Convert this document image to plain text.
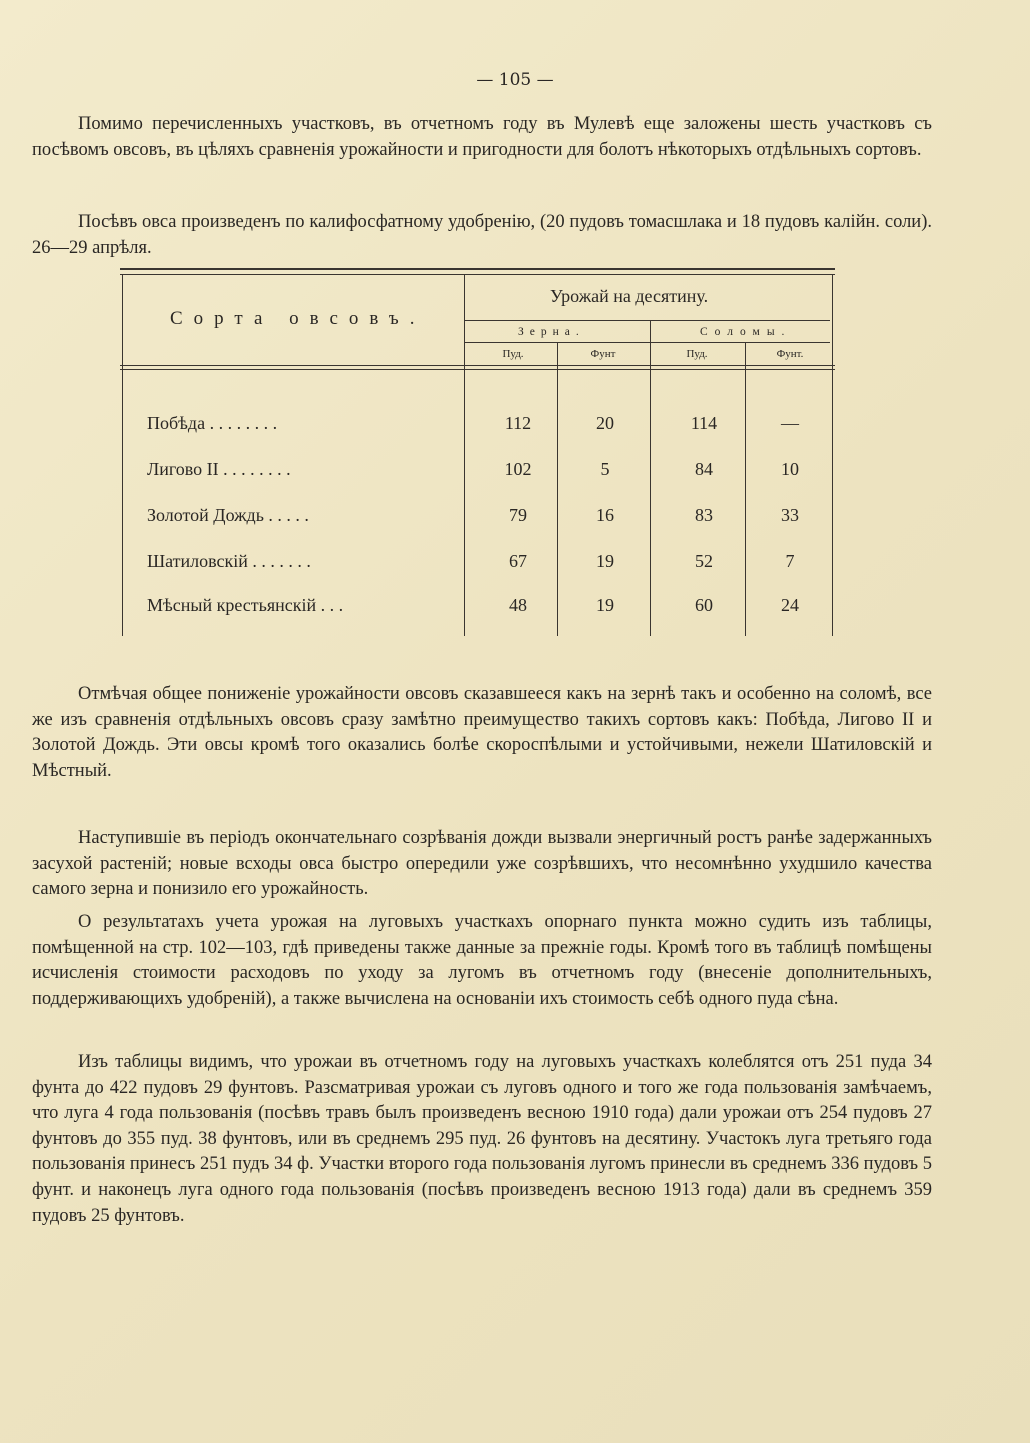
— 105 —
Помимо перечисленныхъ участковъ, въ отчетномъ году въ Мулевѣ еще заложены шесть участковъ съ посѣвомъ овсовъ, въ цѣляхъ сравненія урожайности и пригодности для болотъ нѣкоторыхъ отдѣльныхъ сортовъ.
Посѣвъ овса произведенъ по калифосфатному удобренію, (20 пудовъ томасшлака и 18 пудовъ калійн. соли). 26—29 апрѣля.
Сорта овсовъ.
Урожай на десятину.
Зерна.	Соломы.
Пуд.	Фунт	Пуд.	Фунт.
Побѣда . . . . . . . .	112	20	114	—
Лигово II . . . . . . . .	102	5	84	10
Золотой Дождь . . . . .	79	16	83	33
Шатиловскій . . . . . . .	67	19	52	7
Мѣсный крестьянскій . . .	48	19	60	24
Отмѣчая общее пониженіе урожайности овсовъ сказавшееся какъ на зернѣ такъ и особенно на соломѣ, все же изъ сравненія отдѣльныхъ овсовъ сразу замѣтно преимущество такихъ сортовъ какъ: Побѣда, Лигово II и Золотой Дождь. Эти овсы кромѣ того оказались болѣе скороспѣлыми и устойчивыми, нежели Шатиловскій и Мѣстный.
Наступившіе въ періодъ окончательнаго созрѣванія дожди вызвали энергичный ростъ ранѣе задержанныхъ засухой растеній; новые всходы овса быстро опередили уже созрѣвшихъ, что несомнѣнно ухудшило качества самого зерна и понизило его урожайность.
О результатахъ учета урожая на луговыхъ участкахъ опорнаго пункта можно судить изъ таблицы, помѣщенной на стр. 102—103, гдѣ приведены также данные за прежніе годы. Кромѣ того въ таблицѣ помѣщены исчисленія стоимости расходовъ по уходу за лугомъ въ отчетномъ году (внесеніе дополнительныхъ, поддерживающихъ удобреній), а также вычислена на основаніи ихъ стоимость себѣ одного пуда сѣна.
Изъ таблицы видимъ, что урожаи въ отчетномъ году на луговыхъ участкахъ колеблятся отъ 251 пуда 34 фунта до 422 пудовъ 29 фунтовъ. Разсматривая урожаи съ луговъ одного и того же года пользованія замѣчаемъ, что луга 4 года пользованія (посѣвъ травъ былъ произведенъ весною 1910 года) дали урожаи отъ 254 пудовъ 27 фунтовъ до 355 пуд. 38 фунтовъ, или въ среднемъ 295 пуд. 26 фунтовъ на десятину. Участокъ луга третьяго года пользованія принесъ 251 пудъ 34 ф. Участки второго года пользованія лугомъ принесли въ среднемъ 336 пудовъ 5 фунт. и наконецъ луга одного года пользованія (посѣвъ произведенъ весною 1913 года) дали въ среднемъ 359 пудовъ 25 фунтовъ.
